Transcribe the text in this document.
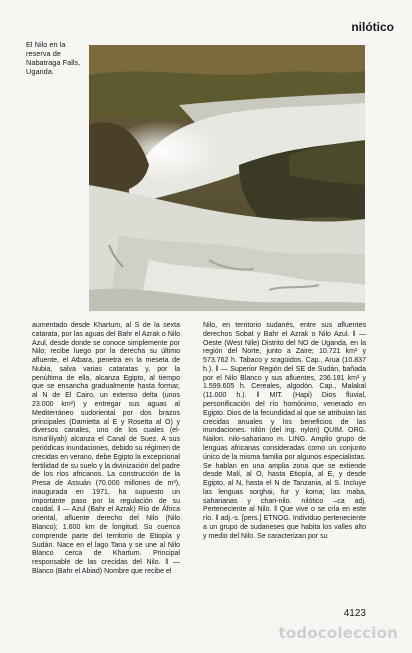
nilótico
El Nilo en la reserva de Nabatraga Falls, Uganda.

aumentado desde Khartum, al S de la sexta catarata, por las aguas del Bahr el Azrak o Nilo Azul, desde donde se conoce simplemente por Nilo; recibe luego por la derecha su último afluente, el Atbara, penetra en la meseta de Nubia, salva varias cataratas y, por la penúltima de ella, alcanza Egipto, al tiempo que se ensancha gradualmente hasta formar, al N de El Cairo, un extenso delta (unos 23.000 km²) y entregar sus aguas al Mediterráneo sudoriental por dos brazos principales (Damietta al E y Rosetta al O) y diversos canales, uno de los cuales (el-Isma'iliyah) alcanza el Canal de Suez. A sus periódicas inundaciones, debido su régimen de crecidas en verano, debe Egipto la excepcional fertilidad de su suelo y la divinización del padre de los ríos africanos. La construcción de la Presa de Assuán (70.000 millones de m³), inaugurada en 1971, ha supuesto un importante paso por la regulación de su caudal. ‖ — Azul (Bahr el Azrak) Río de África oriental, afluente derecho del Nilo (Nilo Blanco); 1.600 km de longitud. Su cuenca comprende parte del territorio de Etiopía y Sudán. Nace en el lago Tana y se une al Nilo Blanco cerca de Khartum. Principal responsable de las crecidas del Nilo. ‖ — Blanco (Bahr el Abiad) Nombre que recibe el

Nilo, en territorio sudanés, entre sus afluentes derechos Sobat y Bahr el Azrak o Nilo Azul. ‖ — Oeste (West Nile) Distrito del NO de Uganda, en la región del Norte, junto a Zaire; 10.721 km² y 573.762 h. Tabaco y sragüidos. Cap., Arua (10.837 h.). ‖ — Superior Región del SE de Sudán, bañada por el Nilo Blanco y sus afluentes, 236.181 km² y 1.599.605 h. Cereales, algodón. Cap., Malakal (11.000 h.). ‖ MIT. (Hapi) Dios fluvial, personificación del río homónimo, venerado en Egipto. Dios de la fecundidad al que se atribuían las crecidas anuales y los beneficios de las inundaciones. nilón (del ing. nylon) QUIM. ORG. Nailon. nilo-sahariano m. LING. Amplio grupo de lenguas africanas consideradas como un conjunto único de la misma familia por algunos especialistas. Se hablan en una amplia zona que se extiende desde Malí, al O, hasta Etiopía, al E, y desde Egipto, al N, hasta el N de Tanzania, al S. Incluye las lenguas sorghai, fur y koma; las maba, saharianas y chari-nilo. nilótico –ca adj. Perteneciente al Nilo. ‖ Que vive o se cría en este río. ‖ adj.-s. [pers.] ETNOG. Individuo perteneciente a un grupo de sudaneses que habita los valles alto y medio del Nilo. Se caracterizan por su

4123
todocoleccion
